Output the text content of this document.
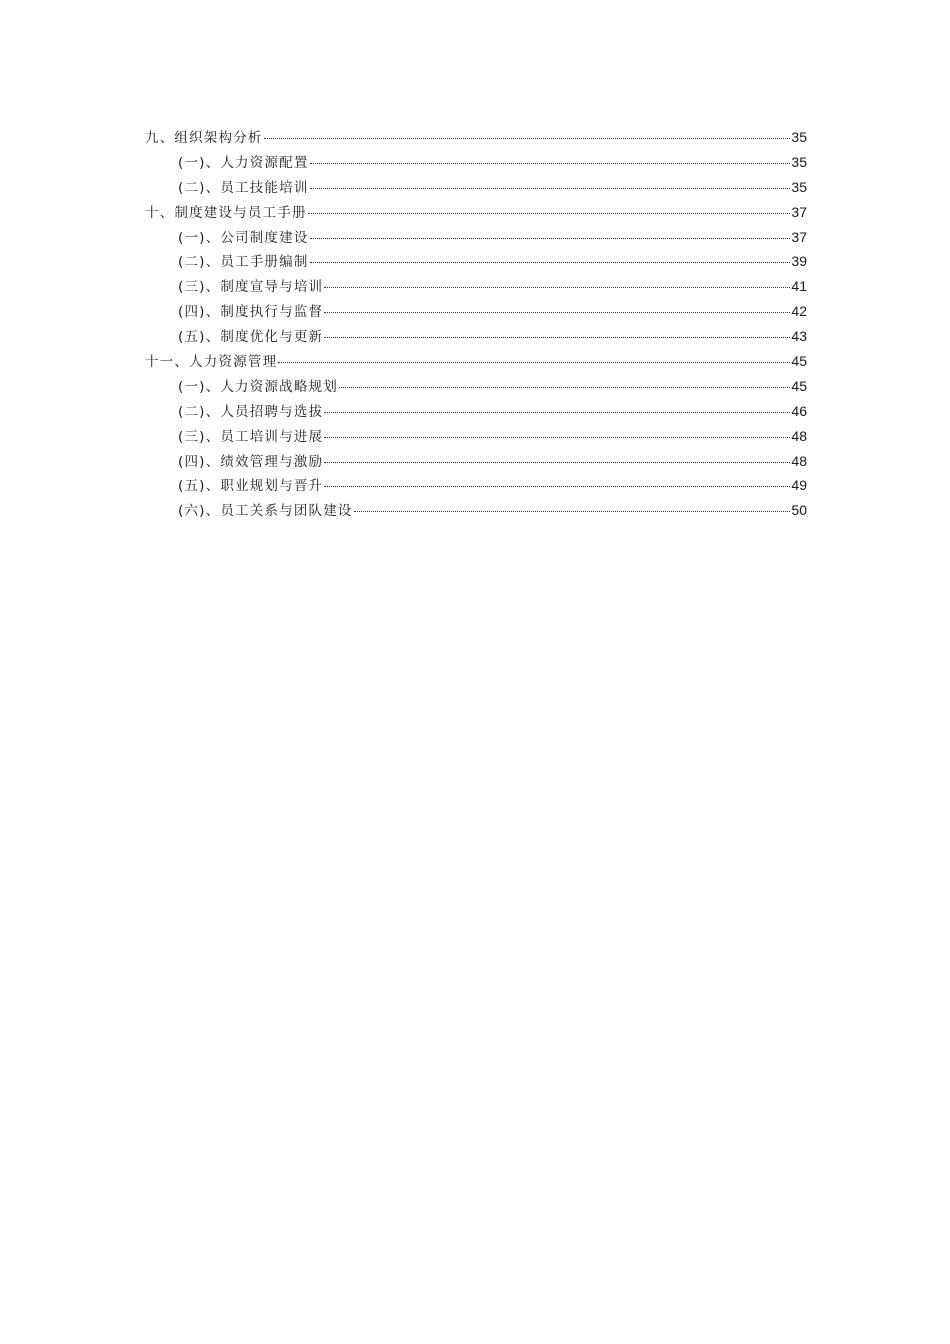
九、组织架构分析	35
(一)、人力资源配置	35
(二)、员工技能培训	35
十、制度建设与员工手册	37
(一)、公司制度建设	37
(二)、员工手册编制	39
(三)、制度宣导与培训	41
(四)、制度执行与监督	42
(五)、制度优化与更新	43
十一、人力资源管理	45
(一)、人力资源战略规划	45
(二)、人员招聘与选拔	46
(三)、员工培训与进展	48
(四)、绩效管理与激励	48
(五)、职业规划与晋升	49
(六)、员工关系与团队建设	50
